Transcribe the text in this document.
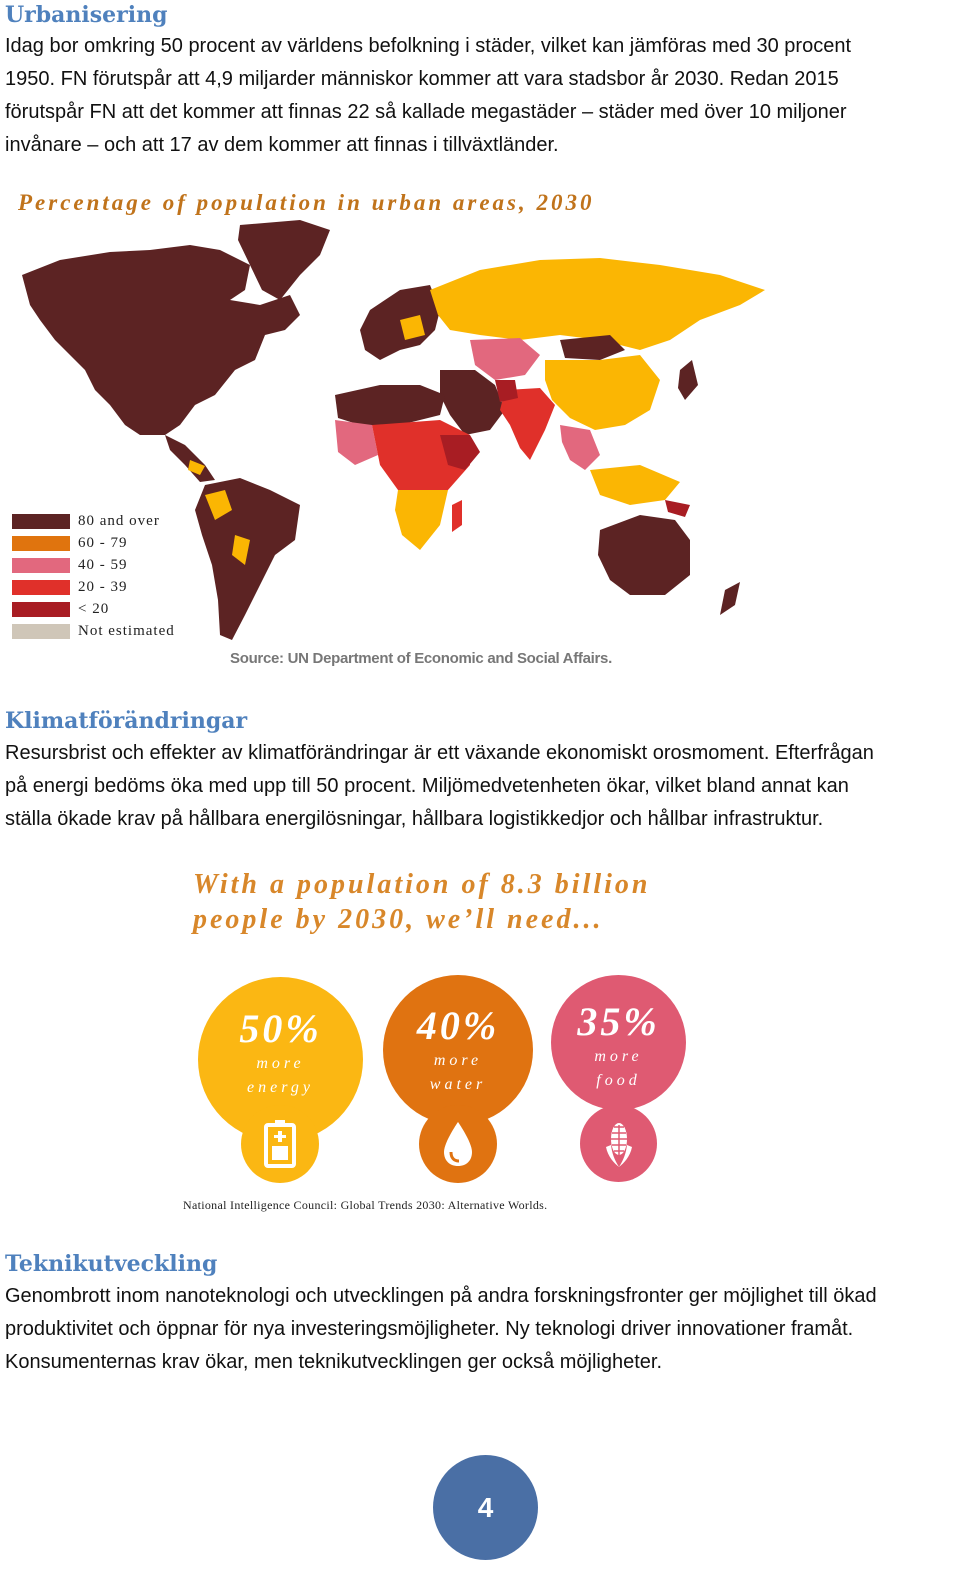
Urbanisering
Idag bor omkring 50 procent av världens befolkning i städer, vilket kan jämföras med 30 procent
1950. FN förutspår att 4,9 miljarder människor kommer att vara stadsbor år 2030. Redan 2015
förutspår FN att det kommer att finnas 22 så kallade megastäder – städer med över 10 miljoner
invånare – och att 17 av dem kommer att finnas i tillväxtländer.

Percentage of population in urban areas, 2030

80 and over
60 - 79
40 - 59
20 - 39
< 20
Not estimated

Source: UN Department of Economic and Social Affairs.

Klimatförändringar
Resursbrist och effekter av klimatförändringar är ett växande ekonomiskt orosmoment. Efterfrågan
på energi bedöms öka med upp till 50 procent. Miljömedvetenheten ökar, vilket bland annat kan
ställa ökade krav på hållbara energilösningar, hållbara logistikkedjor och hållbar infrastruktur.
With a population of 8.3 billion
people by 2030, we’ll need...
50%
more
energy
40%
more
water
35%
more
food

National Intelligence Council: Global Trends 2030: Alternative Worlds.

Teknikutveckling
Genombrott inom nanoteknologi och utvecklingen på andra forskningsfronter ger möjlighet till ökad
produktivitet och öppnar för nya investeringsmöjligheter. Ny teknologi driver innovationer framåt.
Konsumenternas krav ökar, men teknikutvecklingen ger också möjligheter.
4
